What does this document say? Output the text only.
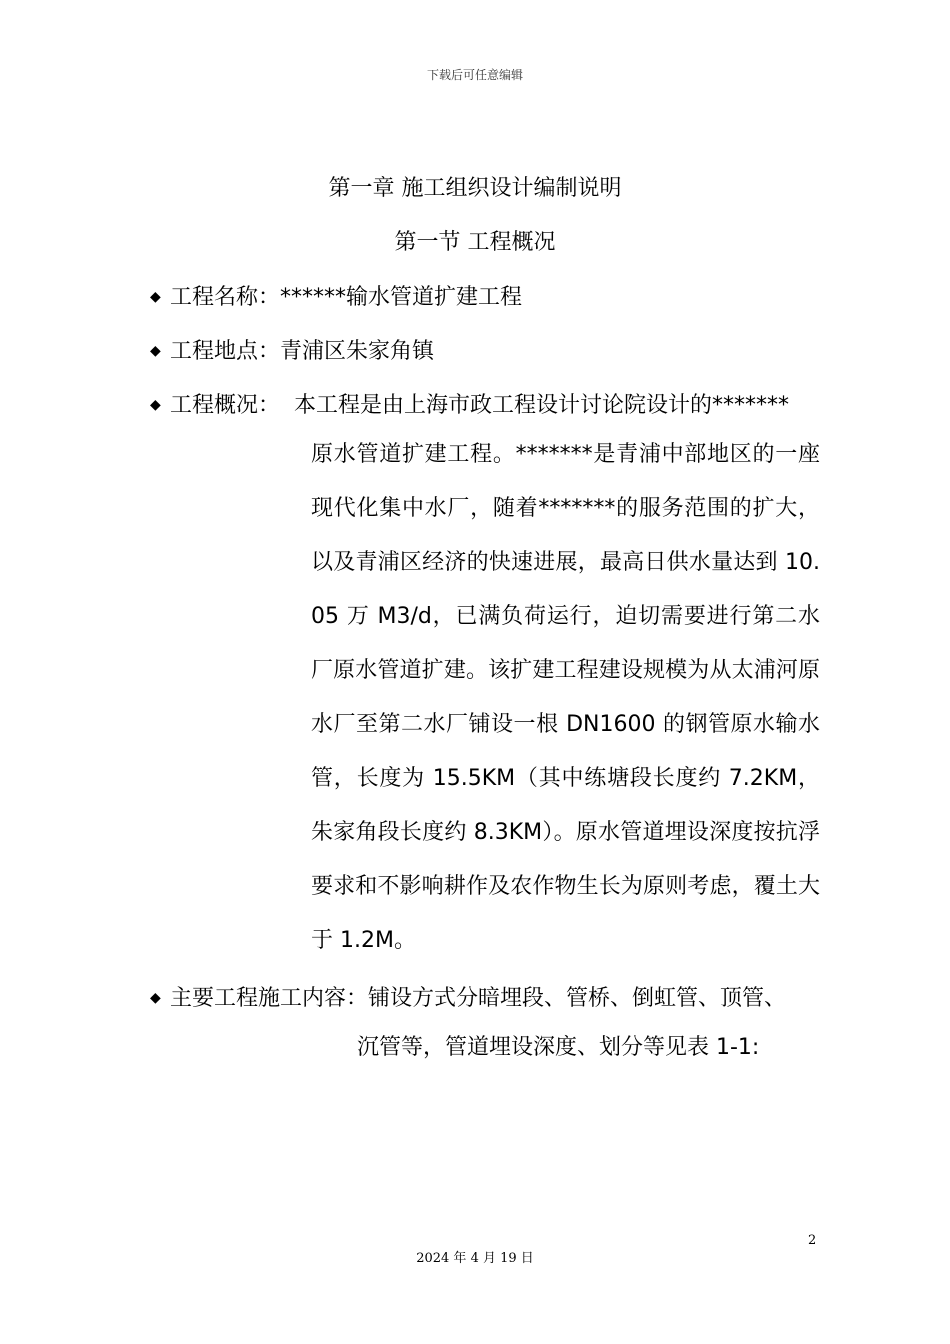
下载后可任意编辑
第一章 施工组织设计编制说明
第一节 工程概况
◆ 工程名称：******输水管道扩建工程
◆ 工程地点：青浦区朱家角镇
◆ 工程概况： 本工程是由上海市政工程设计讨论院设计的*******
原水管道扩建工程。*******是青浦中部地区的一座现代化集中水厂，随着*******的服务范围的扩大，以及青浦区经济的快速进展，最高日供水量达到 10.05 万 M3/d，已满负荷运行，迫切需要进行第二水厂原水管道扩建。该扩建工程建设规模为从太浦河原水厂至第二水厂铺设一根 DN1600 的钢管原水输水管，长度为 15.5KM（其中练塘段长度约 7.2KM，朱家角段长度约 8.3KM）。原水管道埋设深度按抗浮要求和不影响耕作及农作物生长为原则考虑，覆土大于 1.2M。
◆ 主要工程施工内容：铺设方式分暗埋段、管桥、倒虹管、顶管、
沉管等，管道埋设深度、划分等见表 1-1:
2
2024 年 4 月 19 日
